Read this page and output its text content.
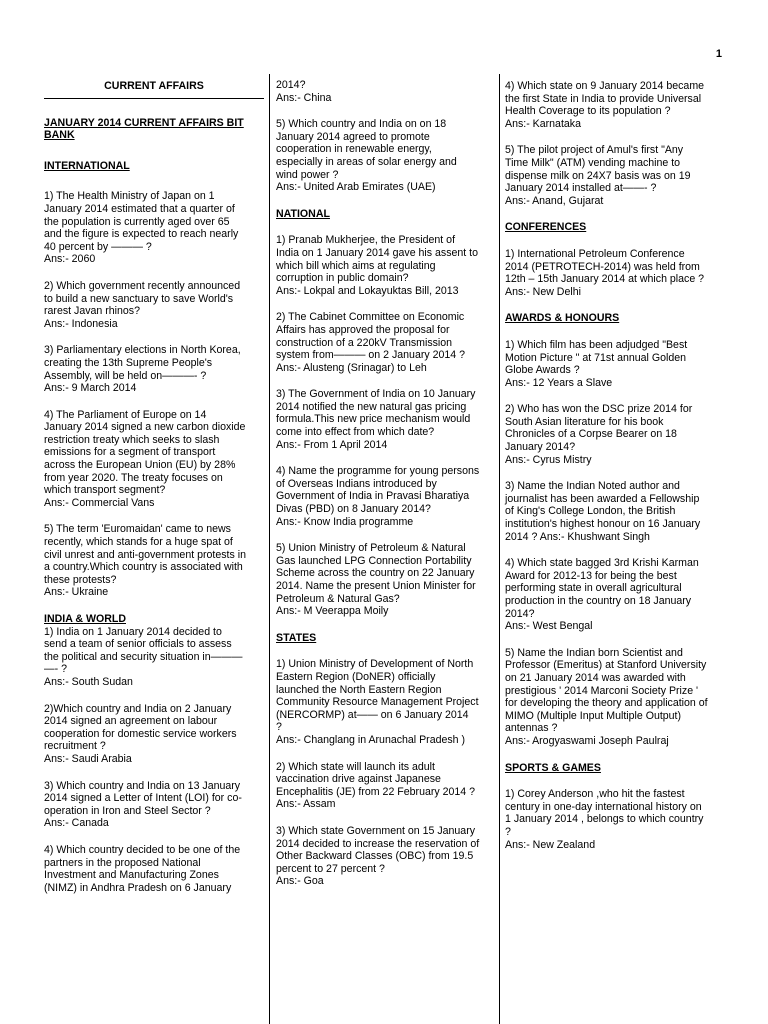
1
CURRENT AFFAIRS
JANUARY 2014 CURRENT AFFAIRS BIT BANK
INTERNATIONAL
1) The Health Ministry of Japan on 1
January 2014 estimated that a quarter of
the population is currently aged over 65
and the figure is expected to reach nearly
40 percent by ——— ?
Ans:- 2060
2) Which government recently announced
to build a new sanctuary to save World's
rarest Javan rhinos?
Ans:- Indonesia
3) Parliamentary elections in North Korea,
creating the 13th Supreme People's
Assembly, will be held on———- ?
Ans:- 9 March 2014
4) The Parliament of Europe on 14
January 2014 signed a new carbon dioxide
restriction treaty which seeks to slash
emissions for a segment of transport
across the European Union (EU) by 28%
from year 2020. The treaty focuses on
which transport segment?
Ans:- Commercial Vans
5) The term 'Euromaidan' came to news
recently, which stands for a huge spat of
civil unrest and anti-government protests in
a country.Which country is associated with
these protests?
Ans:- Ukraine
INDIA & WORLD
1) India on 1 January 2014 decided to
send a team of senior officials to assess
the political and security situation in———
—- ?
Ans:- South Sudan
2)Which country and India on 2 January
2014 signed an agreement on labour
cooperation for domestic service workers
recruitment ?
Ans:- Saudi Arabia
3) Which country and India on 13 January
2014 signed a Letter of Intent (LOI) for co-
operation in Iron and Steel Sector ?
Ans:- Canada
4) Which country decided to be one of the
partners in the proposed National
Investment and Manufacturing Zones
(NIMZ) in Andhra Pradesh on 6 January
2014?
Ans:- China
5) Which country and India on on 18
January 2014 agreed to promote
cooperation in renewable energy,
especially in areas of solar energy and
wind power ?
Ans:- United Arab Emirates (UAE)
NATIONAL
1) Pranab Mukherjee, the President of
India on 1 January 2014 gave his assent to
which bill which aims at regulating
corruption in public domain?
Ans:- Lokpal and Lokayuktas Bill, 2013
2) The Cabinet Committee on Economic
Affairs has approved the proposal for
construction of a 220kV Transmission
system from——— on 2 January 2014 ?
Ans:- Alusteng (Srinagar) to Leh
3) The Government of India on 10 January
2014 notified the new natural gas pricing
formula.This new price mechanism would
come into effect from which date?
Ans:- From 1 April 2014
4) Name the programme for young persons
of Overseas Indians introduced by
Government of India in Pravasi Bharatiya
Divas (PBD) on 8 January 2014?
Ans:- Know India programme
5) Union Ministry of Petroleum & Natural
Gas launched LPG Connection Portability
Scheme across the country on 22 January
2014. Name the present Union Minister for
Petroleum & Natural Gas?
Ans:- M Veerappa Moily
STATES
1) Union Ministry of Development of North
Eastern Region (DoNER) officially
launched the North Eastern Region
Community Resource Management Project
(NERCORMP) at—— on 6 January 2014
?
Ans:- Changlang in Arunachal Pradesh )
2) Which state will launch its adult
vaccination drive against Japanese
Encephalitis (JE) from 22 February 2014 ?
Ans:- Assam
3) Which state Government on 15 January
2014 decided to increase the reservation of
Other Backward Classes (OBC) from 19.5
percent to 27 percent ?
Ans:- Goa
4) Which state on 9 January 2014 became
the first State in India to provide Universal
Health Coverage to its population ?
Ans:- Karnataka
5) The pilot project of Amul's first "Any
Time Milk" (ATM) vending machine to
dispense milk on 24X7 basis was on 19
January 2014 installed at——- ?
Ans:- Anand, Gujarat
CONFERENCES
1) International Petroleum Conference
2014 (PETROTECH-2014) was held from
12th – 15th January 2014 at which place ?
Ans:- New Delhi
AWARDS & HONOURS
1) Which film has been adjudged "Best
Motion Picture " at 71st annual Golden
Globe Awards ?
Ans:- 12 Years a Slave
2) Who has won the DSC prize 2014 for
South Asian literature for his book
Chronicles of a Corpse Bearer on 18
January 2014?
Ans:- Cyrus Mistry
3) Name the Indian Noted author and
journalist has been awarded a Fellowship
of King's College London, the British
institution's highest honour on 16 January
2014 ? Ans:- Khushwant Singh
4) Which state bagged 3rd Krishi Karman
Award for 2012-13 for being the best
performing state in overall agricultural
production in the country on 18 January
2014?
Ans:- West Bengal
5) Name the Indian born Scientist and
Professor (Emeritus) at Stanford University
on 21 January 2014 was awarded with
prestigious ' 2014 Marconi Society Prize '
for developing the theory and application of
MIMO (Multiple Input Multiple Output)
antennas ?
Ans:- Arogyaswami Joseph Paulraj
SPORTS & GAMES
1) Corey Anderson ,who hit the fastest
century in one-day international history on
1 January 2014 , belongs to which country
?
Ans:- New Zealand
